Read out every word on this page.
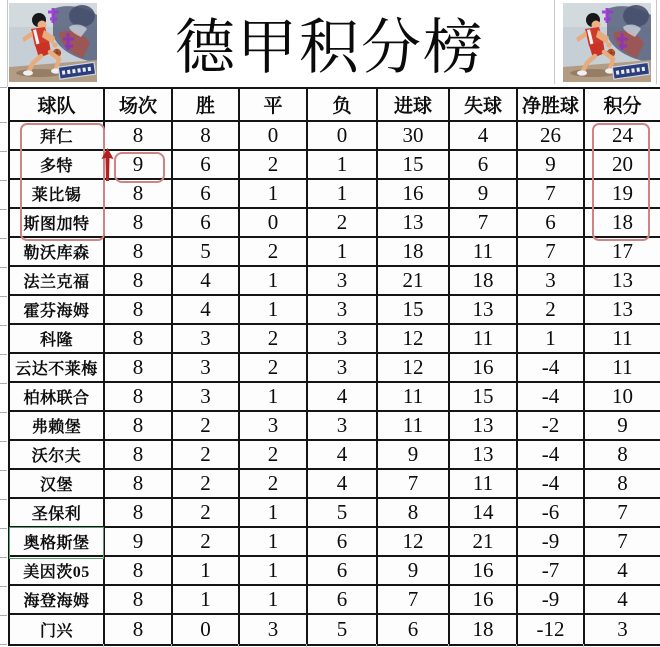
德甲积分榜
球队	场次	胜	平	负	进球	失球	净胜球	积分
拜仁	8	8	0	0	30	4	26	24
多特	9	6	2	1	15	6	9	20
莱比锡	8	6	1	1	16	9	7	19
斯图加特	8	6	0	2	13	7	6	18
勒沃库森	8	5	2	1	18	11	7	17
法兰克福	8	4	1	3	21	18	3	13
霍芬海姆	8	4	1	3	15	13	2	13
科隆	8	3	2	3	12	11	1	11
云达不莱梅	8	3	2	3	12	16	-4	11
柏林联合	8	3	1	4	11	15	-4	10
弗赖堡	8	2	3	3	11	13	-2	9
沃尔夫	8	2	2	4	9	13	-4	8
汉堡	8	2	2	4	7	11	-4	8
圣保利	8	2	1	5	8	14	-6	7
奥格斯堡	9	2	1	6	12	21	-9	7
美因茨05	8	1	1	6	9	16	-7	4
海登海姆	8	1	1	6	7	16	-9	4
门兴	8	0	3	5	6	18	-12	3
